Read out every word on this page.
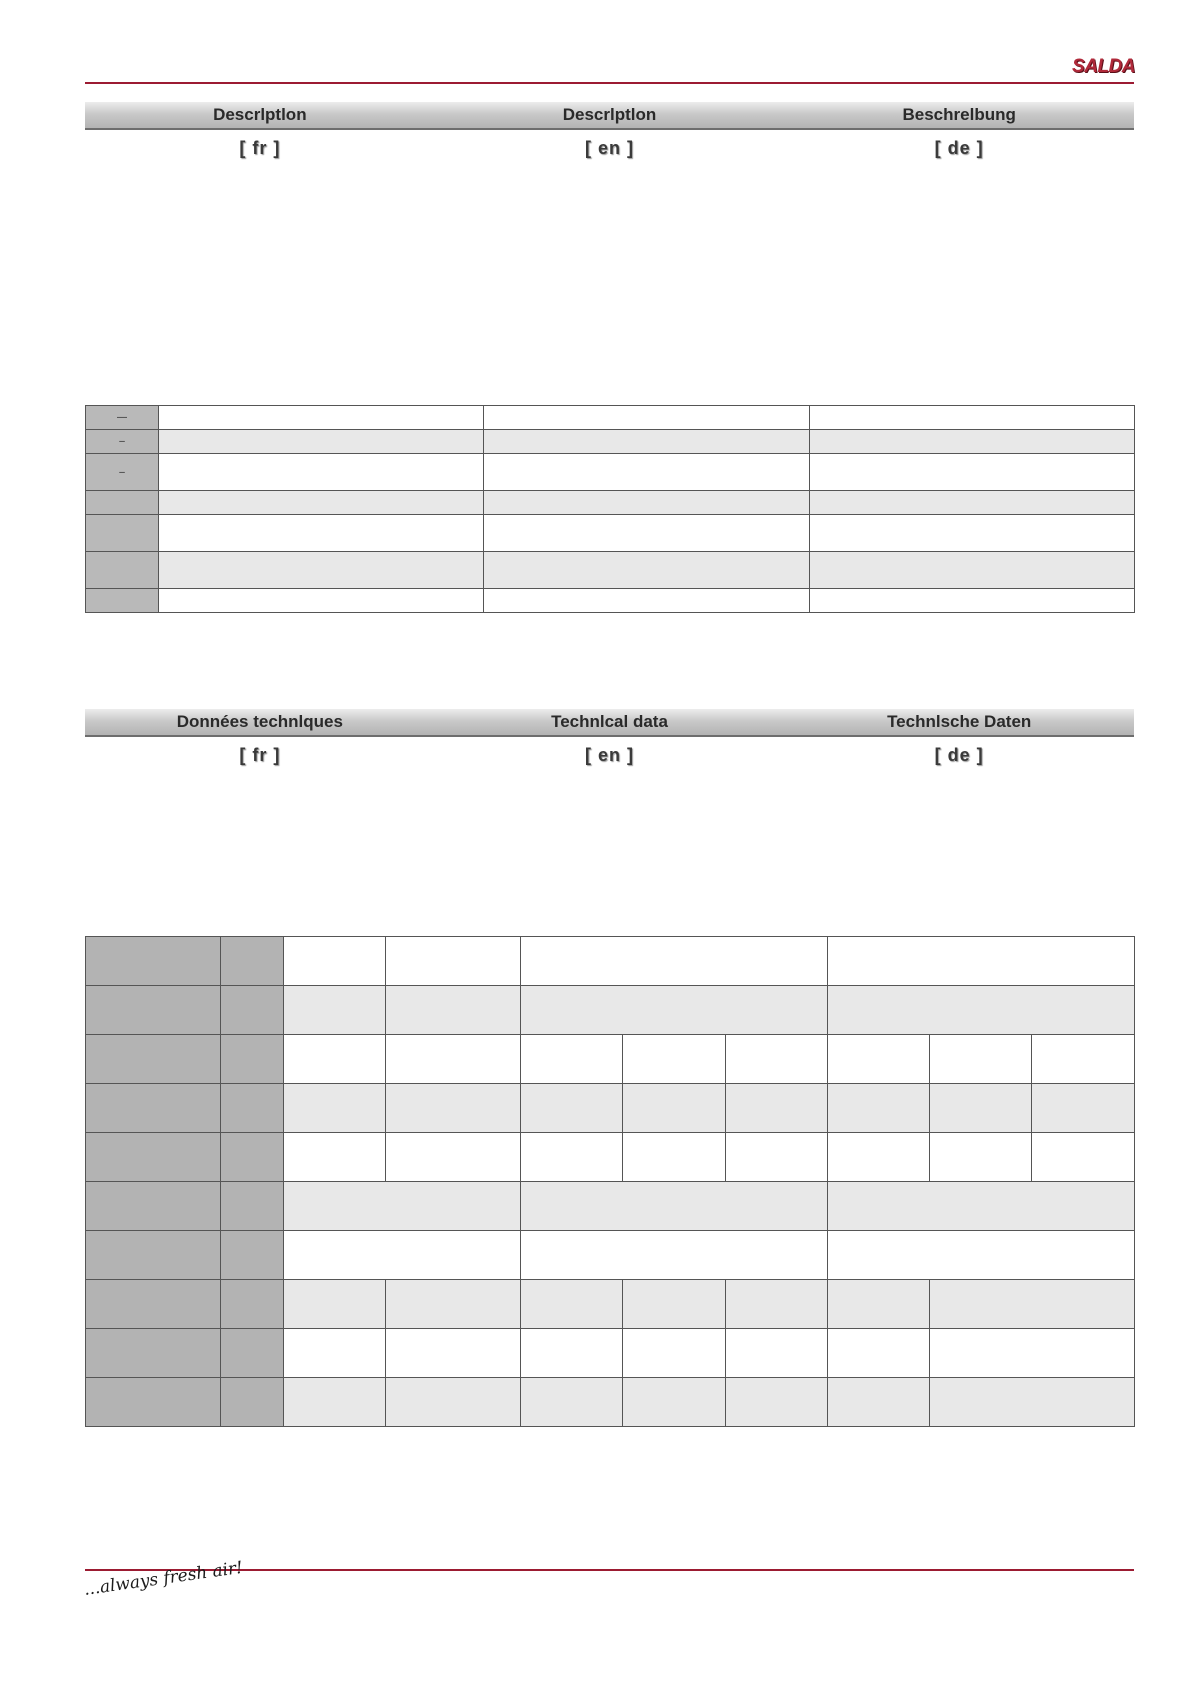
SALDA
Descrlptlon	Descrlptlon	Beschrelbung
[ fr ]	[ en ]	[ de ]
—			
–			
–			

Données technlques	Technlcal data	Technlsche Daten
[ fr ]	[ en ]	[ de ]

...always fresh air!
